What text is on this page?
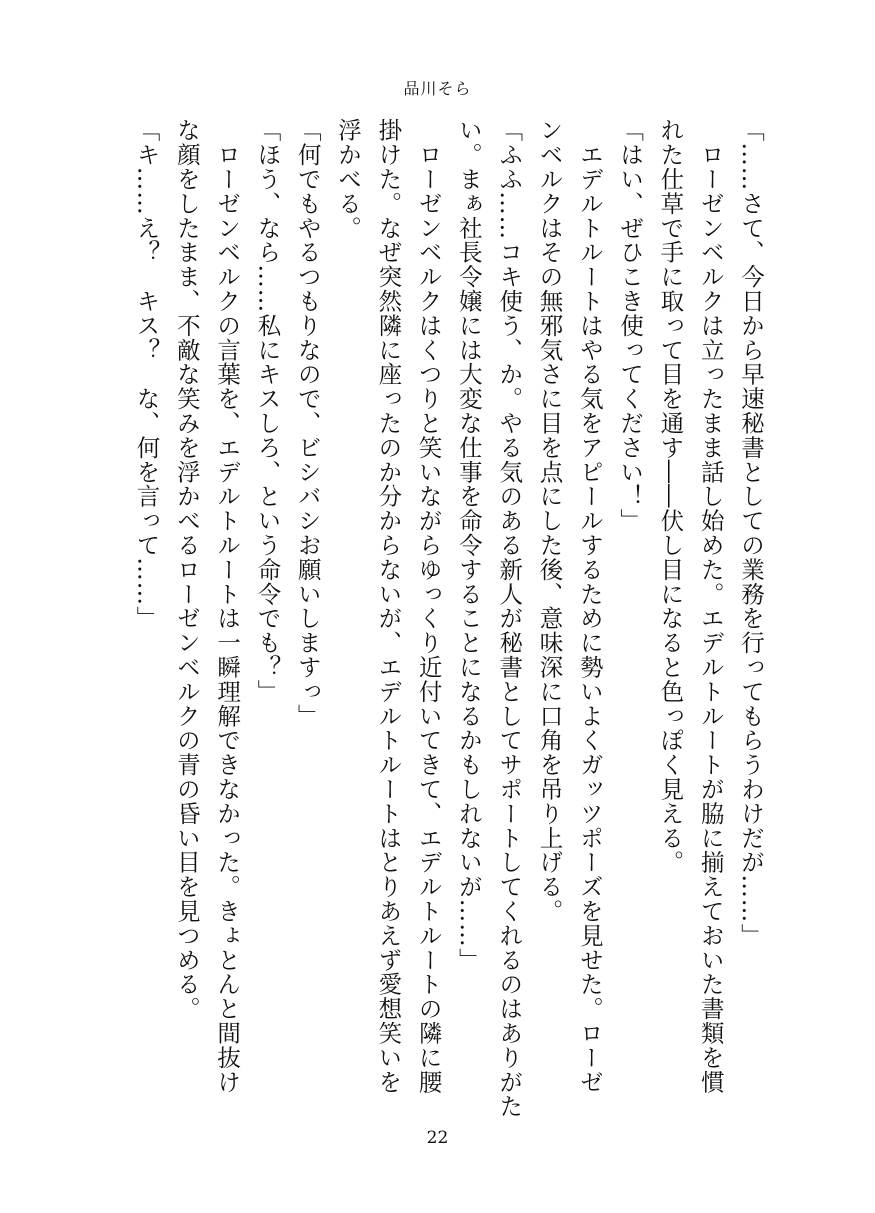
品川そら
「……さて、今日から早速秘書としての業務を行ってもらうわけだが……」
　ローゼンベルクは立ったまま話し始めた。エデルトルートが脇に揃えておいた書類を慣
れた仕草で手に取って目を通す――伏し目になると色っぽく見える。
「はい、ぜひこき使ってください！」
　エデルトルートはやる気をアピールするために勢いよくガッツポーズを見せた。ローゼ
ンベルクはその無邪気さに目を点にした後、意味深に口角を吊り上げる。
「ふふ……コキ使う、か。やる気のある新人が秘書としてサポートしてくれるのはありがた
い。まぁ社長令嬢には大変な仕事を命令することになるかもしれないが……」
　ローゼンベルクはくつりと笑いながらゆっくり近付いてきて、エデルトルートの隣に腰
掛けた。なぜ突然隣に座ったのか分からないが、エデルトルートはとりあえず愛想笑いを
浮かべる。
「何でもやるつもりなので、ビシバシお願いしますっ」
「ほう、なら……私にキスしろ、という命令でも？」
　ローゼンベルクの言葉を、エデルトルートは一瞬理解できなかった。きょとんと間抜け
な顔をしたまま、不敵な笑みを浮かべるローゼンベルクの青の昏い目を見つめる。
「キ……え？　キス？　な、何を言って……」
22
